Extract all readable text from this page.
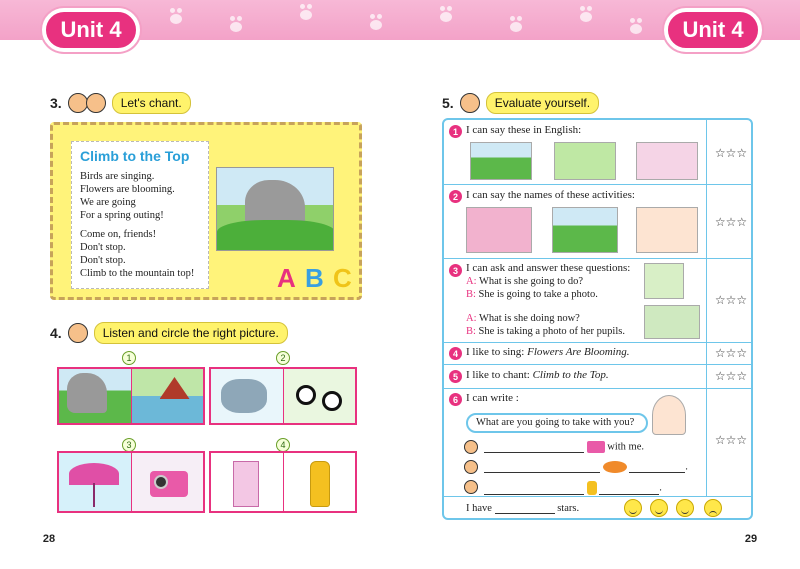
Unit 4	Unit 4
3.	Let's chant.
Climb to the Top
Birds are singing.
Flowers are blooming.
We are going
For a spring outing!
Come on, friends!
Don't stop.
Don't stop.
Climb to the mountain top!	A B C
4.	Listen and circle the right picture.
1	2
3	4
28
5.	Evaluate yourself.
1 I can say these in English:
☆☆☆
2 I can say the names of these activities:
☆☆☆
3 I can ask and answer these questions:
A: What is she going to do?
B: She is going to take a photo.
A: What is she doing now?
B: She is taking a photo of her pupils.
☆☆☆
4 I like to sing: Flowers Are Blooming.	☆☆☆
5 I like to chant: Climb to the Top.	☆☆☆
6 I can write :
What are you going to take with you?
with me.
.
.
☆☆☆
I have	stars.
29
